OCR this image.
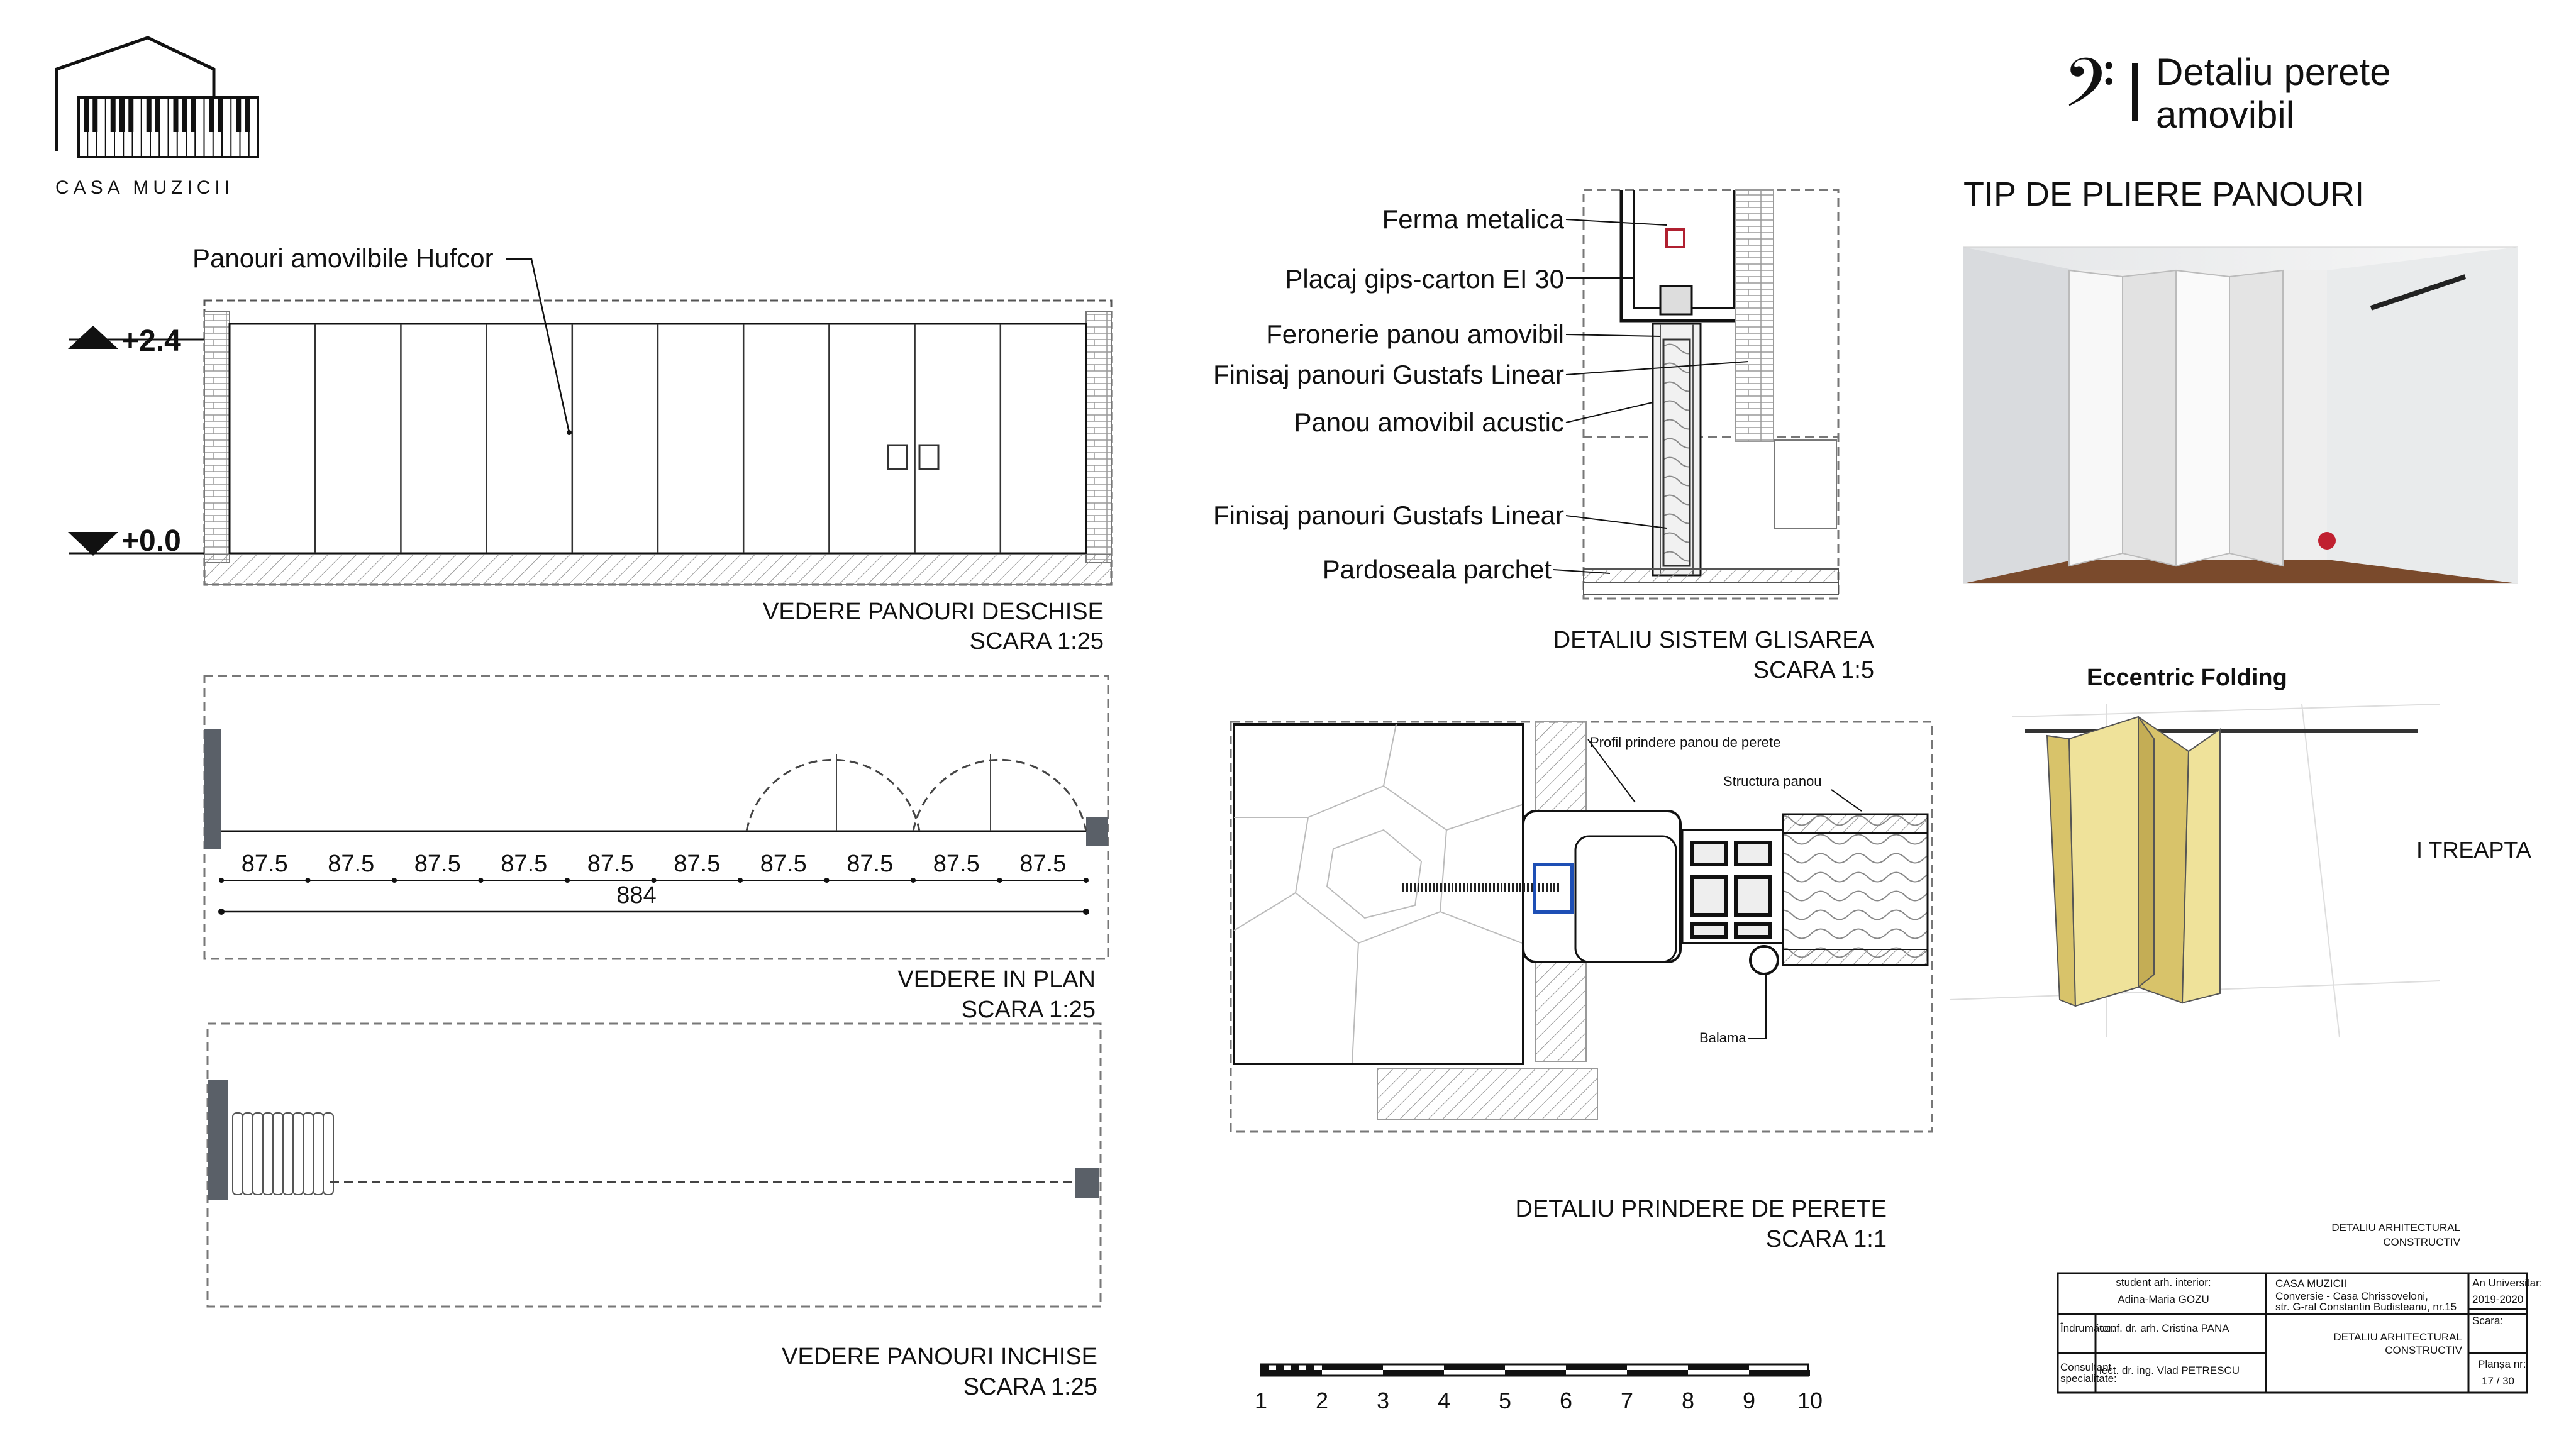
CASA MUZICII
𝄢 Detaliu perete
amovibil
+2.4
+0.0
Panouri amovilbile Hufcor
VEDERE PANOURI DESCHISE
SCARA 1:25
87.5 87.5 87.5 87.5 87.5 87.5 87.5 87.5 87.5 87.5
884
VEDERE IN PLAN
SCARA 1:25
VEDERE PANOURI INCHISE
SCARA 1:25
Ferma metalica
Placaj gips-carton EI 30
Feronerie panou amovibil
Finisaj panouri Gustafs Linear
Panou amovibil acustic
Finisaj panouri Gustafs Linear
Pardoseala parchet
DETALIU SISTEM GLISAREA
SCARA 1:5
Profil prindere panou de perete
Structura panou
Balama
DETALIU PRINDERE DE PERETE
SCARA 1:1
1 2 3 4 5 6 7 8 9 10
TIP DE PLIERE PANOURI
Eccentric Folding
I TREAPTA
DETALIU ARHITECTURAL
CONSTRUCTIV
student arh. interior:
Adina-Maria GOZU
CASA MUZICII
Conversie - Casa Chrissoveloni,
str. G-ral Constantin Budisteanu, nr.15
An Universitar:
2019-2020
Îndrumător:
conf. dr. arh. Cristina PANA
DETALIU ARHITECTURAL
CONSTRUCTIV
Scara:
Consultant
specialitate:
lect. dr. ing. Vlad PETRESCU
Planșa nr:
17 / 30
